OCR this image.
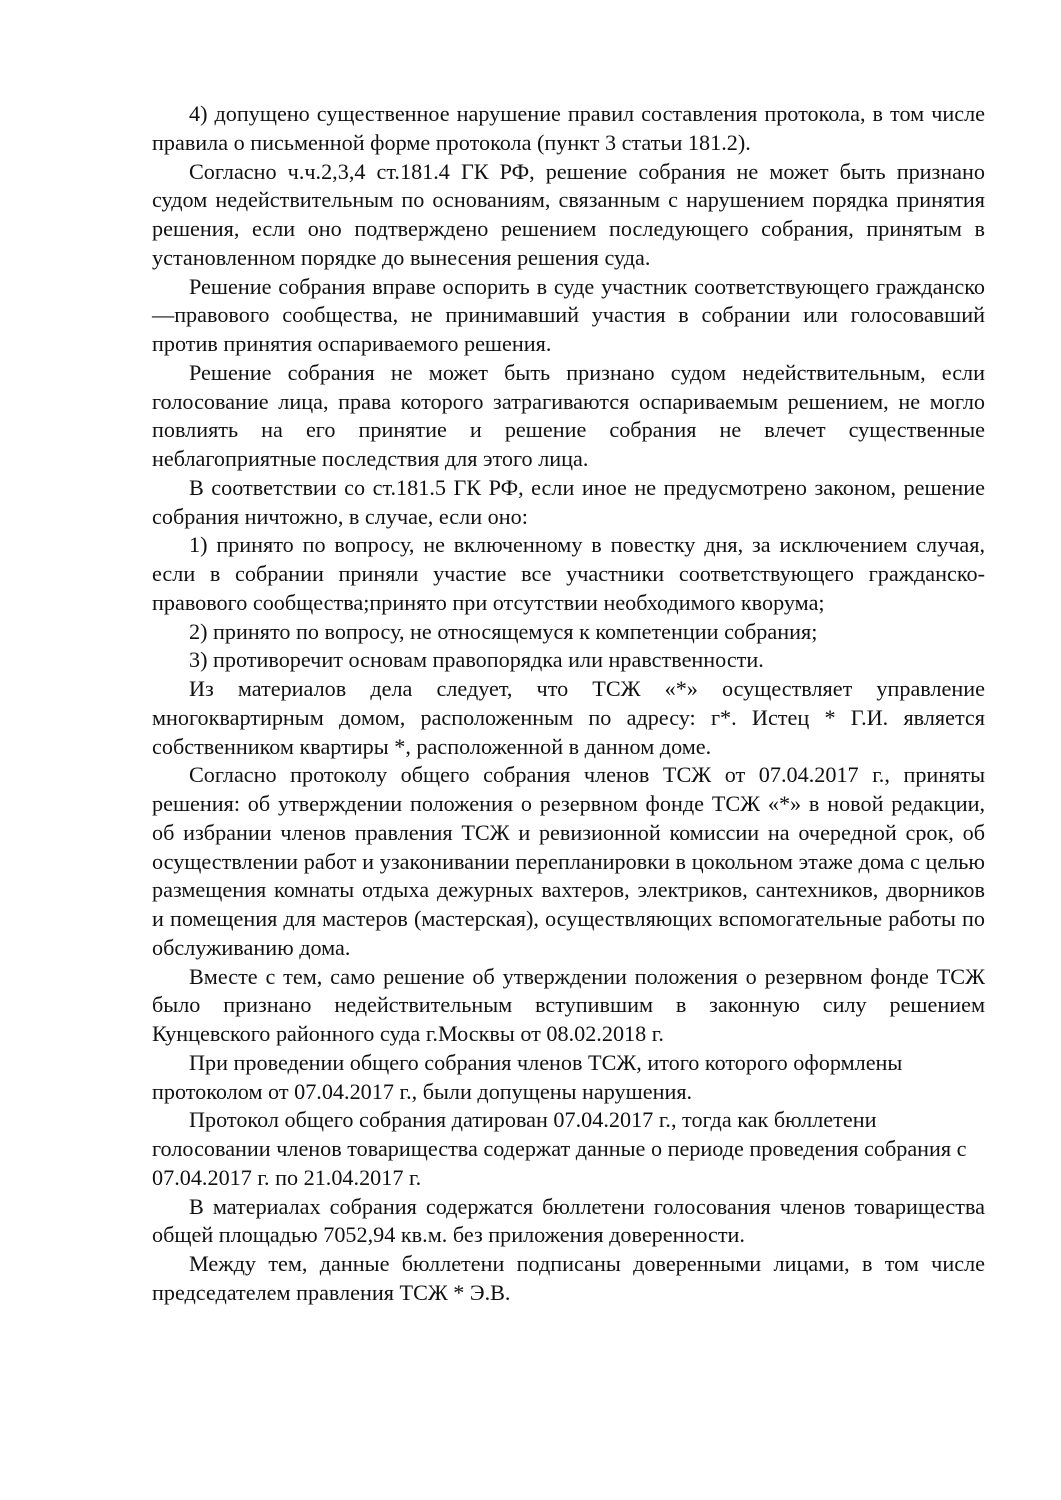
4) допущено существенное нарушение правил составления протокола, в том числе правила о письменной форме протокола (пункт 3 статьи 181.2).

Согласно ч.ч.2,3,4 ст.181.4 ГК РФ, решение собрания не может быть признано судом недействительным по основаниям, связанным с нарушением порядка принятия решения, если оно подтверждено решением последующего собрания, принятым в установленном порядке до вынесения решения суда.

Решение собрания вправе оспорить в суде участник соответствующего гражданско—правового сообщества, не принимавший участия в собрании или голосовавший против принятия оспариваемого решения.

Решение собрания не может быть признано судом недействительным, если голосование лица, права которого затрагиваются оспариваемым решением, не могло повлиять на его принятие и решение собрания не влечет существенные неблагоприятные последствия для этого лица.

В соответствии со ст.181.5 ГК РФ, если иное не предусмотрено законом, решение собрания ничтожно, в случае, если оно:

1) принято по вопросу, не включенному в повестку дня, за исключением случая, если в собрании приняли участие все участники соответствующего гражданско-правового сообщества;принято при отсутствии необходимого кворума;

2) принято по вопросу, не относящемуся к компетенции собрания;

3) противоречит основам правопорядка или нравственности.

Из материалов дела следует, что ТСЖ «*» осуществляет управление многоквартирным домом, расположенным по адресу: г*. Истец * Г.И. является собственником квартиры *, расположенной в данном доме.

Согласно протоколу общего собрания членов ТСЖ от 07.04.2017 г., приняты решения: об утверждении положения о резервном фонде ТСЖ «*» в новой редакции, об избрании членов правления ТСЖ и ревизионной комиссии на очередной срок, об осуществлении работ и узаконивании перепланировки в цокольном этаже дома с целью размещения комнаты отдыха дежурных вахтеров, электриков, сантехников, дворников и помещения для мастеров (мастерская), осуществляющих вспомогательные работы по обслуживанию дома.

Вместе с тем, само решение об утверждении положения о резервном фонде ТСЖ было признано недействительным вступившим в законную силу решением Кунцевского районного суда г.Москвы от 08.02.2018 г.

При проведении общего собрания членов ТСЖ, итого которого оформлены протоколом от 07.04.2017 г., были допущены нарушения.

Протокол общего собрания датирован 07.04.2017 г., тогда как бюллетени голосовании членов товарищества содержат данные о периоде проведения собрания с 07.04.2017 г. по 21.04.2017 г.

В материалах собрания содержатся бюллетени голосования членов товарищества общей площадью 7052,94 кв.м. без приложения доверенности.

Между тем, данные бюллетени подписаны доверенными лицами, в том числе председателем правления ТСЖ * Э.В.
